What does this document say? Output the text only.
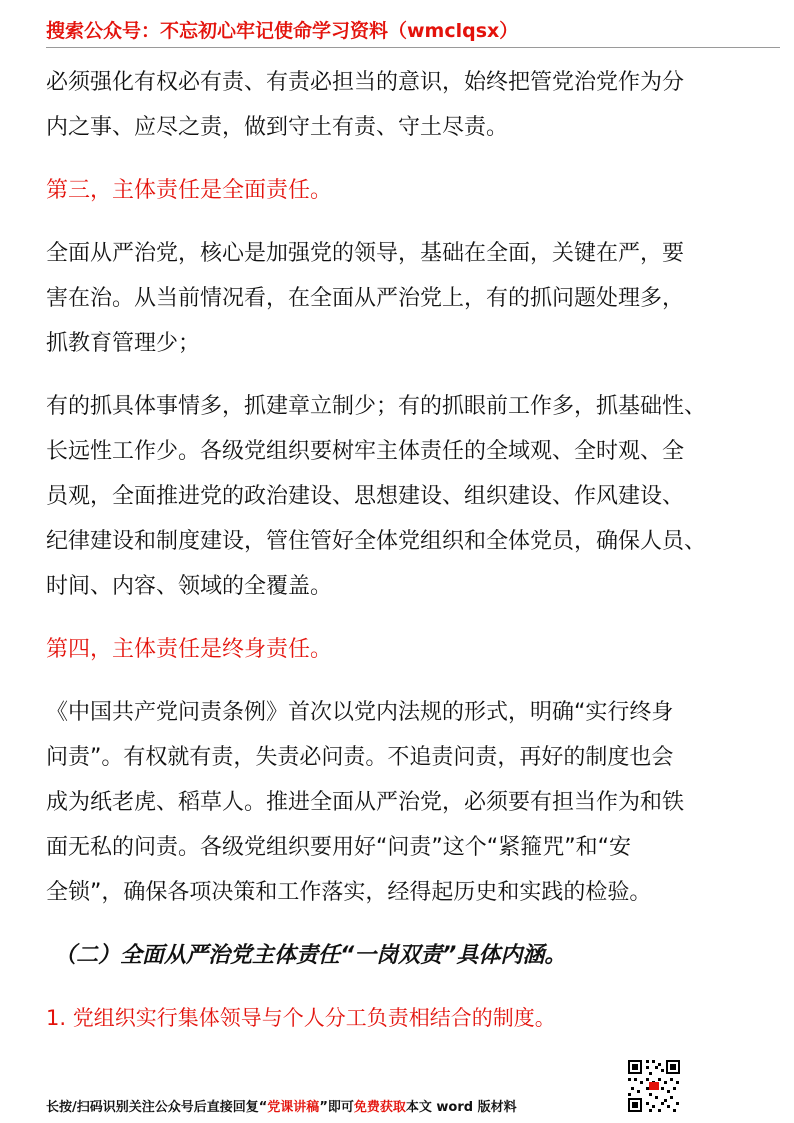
搜索公众号：不忘初心牢记使命学习资料（wmclqsx）
必须强化有权必有责、有责必担当的意识，始终把管党治党作为分
内之事、应尽之责，做到守土有责、守土尽责。
第三，主体责任是全面责任。
全面从严治党，核心是加强党的领导，基础在全面，关键在严，要
害在治。从当前情况看，在全面从严治党上，有的抓问题处理多，
抓教育管理少；
有的抓具体事情多，抓建章立制少；有的抓眼前工作多，抓基础性、
长远性工作少。各级党组织要树牢主体责任的全域观、全时观、全
员观，全面推进党的政治建设、思想建设、组织建设、作风建设、
纪律建设和制度建设，管住管好全体党组织和全体党员，确保人员、
时间、内容、领域的全覆盖。
第四，主体责任是终身责任。
《中国共产党问责条例》首次以党内法规的形式，明确“实行终身
问责”。有权就有责，失责必问责。不追责问责，再好的制度也会
成为纸老虎、稻草人。推进全面从严治党，必须要有担当作为和铁
面无私的问责。各级党组织要用好“问责”这个“紧箍咒”和“安
全锁”，确保各项决策和工作落实，经得起历史和实践的检验。
（二）全面从严治党主体责任“一岗双责”具体内涵。
1. 党组织实行集体领导与个人分工负责相结合的制度。
长按/扫码识别关注公众号后直接回复“党课讲稿”即可免费获取本文 word 版材料
